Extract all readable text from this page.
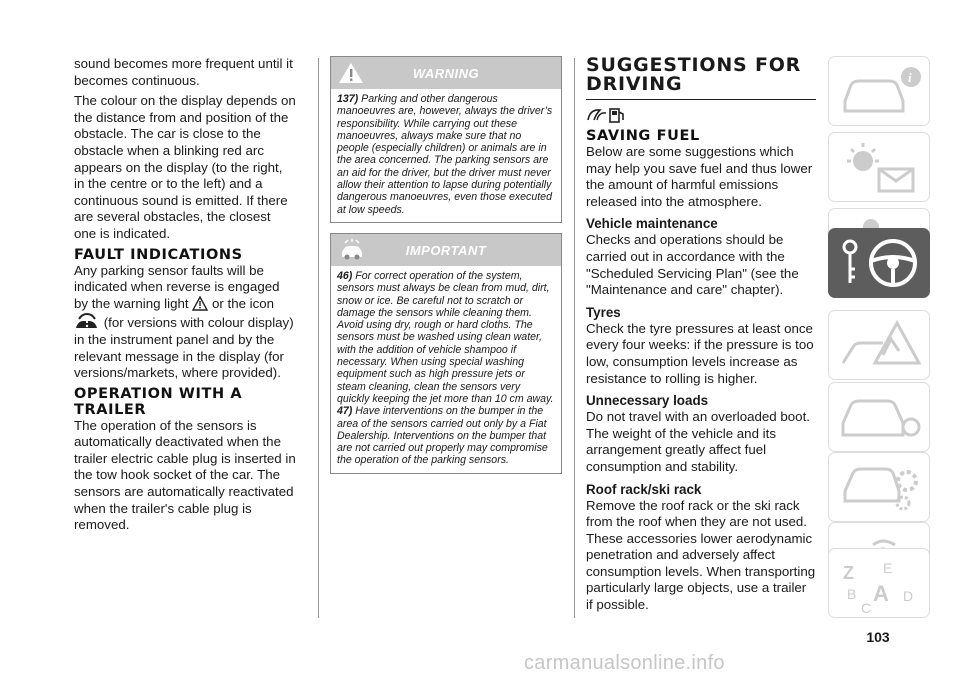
sound becomes more frequent until it becomes continuous.

The colour on the display depends on the distance from and position of the obstacle. The car is close to the obstacle when a blinking red arc appears on the display (to the right, in the centre or to the left) and a continuous sound is emitted. If there are several obstacles, the closest one is indicated.

FAULT INDICATIONS

Any parking sensor faults will be indicated when reverse is engaged by the warning light or the icon
(for versions with colour display) in the instrument panel and by the relevant message in the display (for versions/markets, where provided).

OPERATION WITH A TRAILER

The operation of the sensors is automatically deactivated when the trailer electric cable plug is inserted in the tow hook socket of the car. The sensors are automatically reactivated when the trailer's cable plug is removed.

WARNING

137) Parking and other dangerous manoeuvres are, however, always the driver’s responsibility. While carrying out these manoeuvres, always make sure that no people (especially children) or animals are in the area concerned. The parking sensors are an aid for the driver, but the driver must never allow their attention to lapse during potentially dangerous manoeuvres, even those executed at low speeds.

IMPORTANT

46) For correct operation of the system, sensors must always be clean from mud, dirt, snow or ice. Be careful not to scratch or damage the sensors while cleaning them. Avoid using dry, rough or hard cloths. The sensors must be washed using clean water, with the addition of vehicle shampoo if necessary. When using special washing equipment such as high pressure jets or steam cleaning, clean the sensors very quickly keeping the jet more than 10 cm away.

47) Have interventions on the bumper in the area of the sensors carried out only by a Fiat Dealership. Interventions on the bumper that are not carried out properly may compromise the operation of the parking sensors.

SUGGESTIONS FOR DRIVING
SAVING FUEL

Below are some suggestions which may help you save fuel and thus lower the amount of harmful emissions released into the atmosphere.

Vehicle maintenance

Checks and operations should be carried out in accordance with the "Scheduled Servicing Plan" (see the "Maintenance and care" chapter).

Tyres

Check the tyre pressures at least once every four weeks: if the pressure is too low, consumption levels increase as resistance to rolling is higher.

Unnecessary loads

Do not travel with an overloaded boot. The weight of the vehicle and its arrangement greatly affect fuel consumption and stability.

Roof rack/ski rack

Remove the roof rack or the ski rack from the roof when they are not used. These accessories lower aerodynamic penetration and adversely affect consumption levels. When transporting particularly large objects, use a trailer if possible.

i
Z E
B A D
C
103
carmanualsonline.info
